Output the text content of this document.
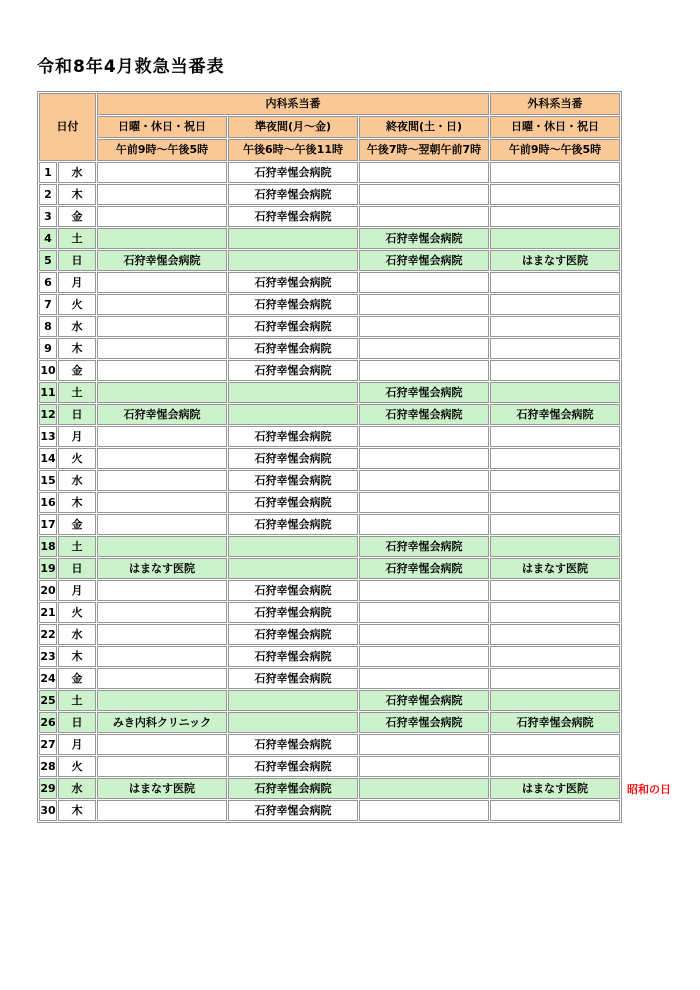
令和8年4月救急当番表
日付		内科系当番			外科系当番
		日曜・休日・祝日	準夜間(月〜金)	終夜間(土・日)	日曜・休日・祝日
		午前9時〜午後5時	午後6時〜午後11時	午後7時〜翌朝午前7時	午前9時〜午後5時
1	水		石狩幸惺会病院		
2	木		石狩幸惺会病院		
3	金		石狩幸惺会病院		
4	土			石狩幸惺会病院	
5	日	石狩幸惺会病院		石狩幸惺会病院	はまなす医院
6	月		石狩幸惺会病院		
7	火		石狩幸惺会病院		
8	水		石狩幸惺会病院		
9	木		石狩幸惺会病院		
10	金		石狩幸惺会病院		
11	土			石狩幸惺会病院	
12	日	石狩幸惺会病院		石狩幸惺会病院	石狩幸惺会病院
13	月		石狩幸惺会病院		
14	火		石狩幸惺会病院		
15	水		石狩幸惺会病院		
16	木		石狩幸惺会病院		
17	金		石狩幸惺会病院		
18	土			石狩幸惺会病院	
19	日	はまなす医院		石狩幸惺会病院	はまなす医院
20	月		石狩幸惺会病院		
21	火		石狩幸惺会病院		
22	水		石狩幸惺会病院		
23	木		石狩幸惺会病院		
24	金		石狩幸惺会病院		
25	土			石狩幸惺会病院	
26	日	みき内科クリニック		石狩幸惺会病院	石狩幸惺会病院
27	月		石狩幸惺会病院		
28	火		石狩幸惺会病院		
29	水	はまなす医院	石狩幸惺会病院		はまなす医院
30	木		石狩幸惺会病院		
昭和の日
